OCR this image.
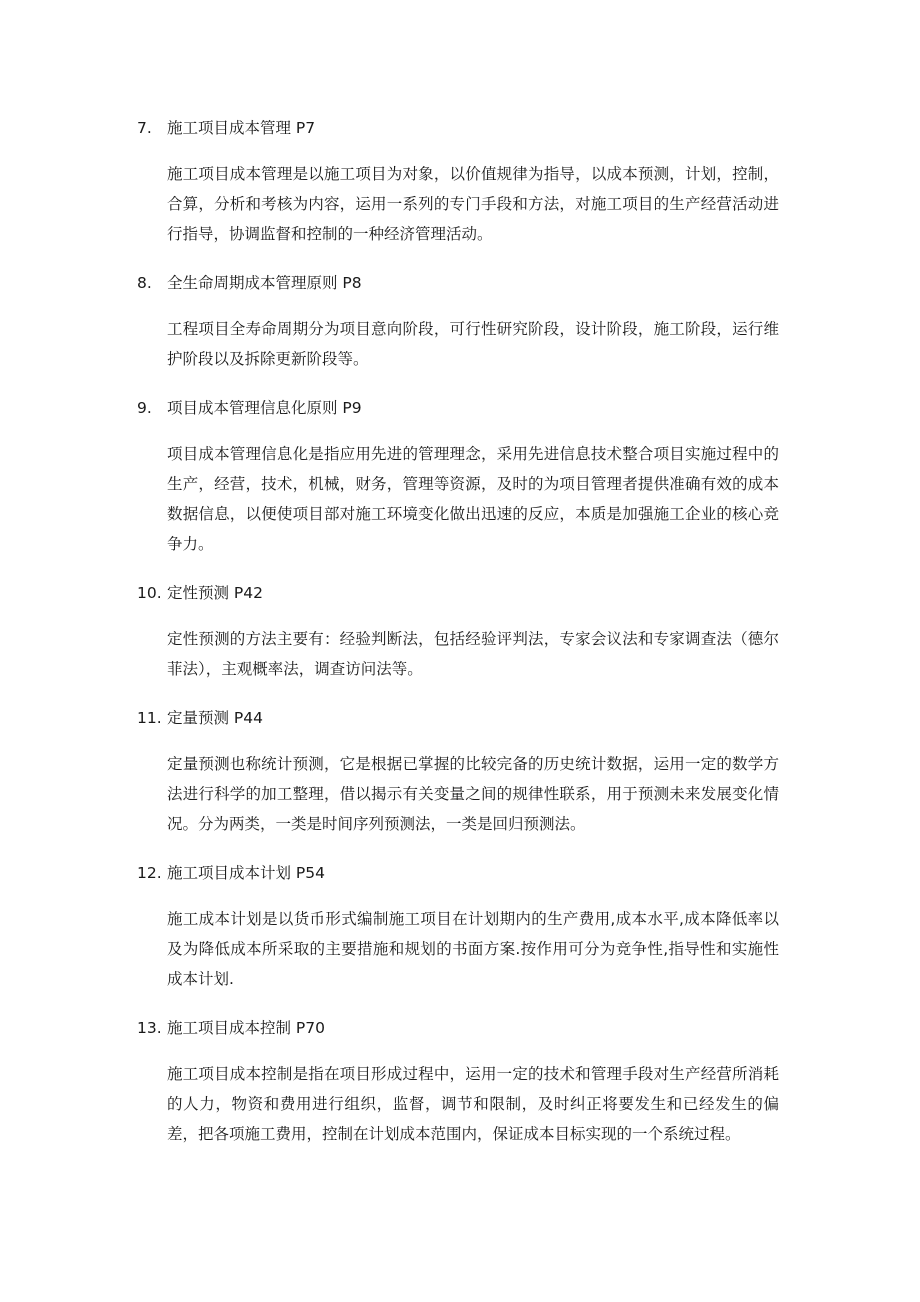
7. 施工项目成本管理 P7
施工项目成本管理是以施工项目为对象，以价值规律为指导，以成本预测，计划，控制，合算，分析和考核为内容，运用一系列的专门手段和方法，对施工项目的生产经营活动进行指导，协调监督和控制的一种经济管理活动。
8. 全生命周期成本管理原则 P8
工程项目全寿命周期分为项目意向阶段，可行性研究阶段，设计阶段，施工阶段，运行维护阶段以及拆除更新阶段等。
9. 项目成本管理信息化原则 P9
项目成本管理信息化是指应用先进的管理理念，采用先进信息技术整合项目实施过程中的生产，经营，技术，机械，财务，管理等资源，及时的为项目管理者提供准确有效的成本数据信息，以便使项目部对施工环境变化做出迅速的反应，本质是加强施工企业的核心竞争力。
10. 定性预测 P42
定性预测的方法主要有：经验判断法，包括经验评判法，专家会议法和专家调查法（德尔菲法），主观概率法，调查访问法等。
11. 定量预测 P44
定量预测也称统计预测，它是根据已掌握的比较完备的历史统计数据，运用一定的数学方法进行科学的加工整理，借以揭示有关变量之间的规律性联系，用于预测未来发展变化情况。分为两类，一类是时间序列预测法，一类是回归预测法。
12. 施工项目成本计划 P54
施工成本计划是以货币形式编制施工项目在计划期内的生产费用,成本水平,成本降低率以及为降低成本所采取的主要措施和规划的书面方案.按作用可分为竞争性,指导性和实施性成本计划.
13. 施工项目成本控制 P70
施工项目成本控制是指在项目形成过程中，运用一定的技术和管理手段对生产经营所消耗的人力，物资和费用进行组织，监督，调节和限制，及时纠正将要发生和已经发生的偏差，把各项施工费用，控制在计划成本范围内，保证成本目标实现的一个系统过程。
